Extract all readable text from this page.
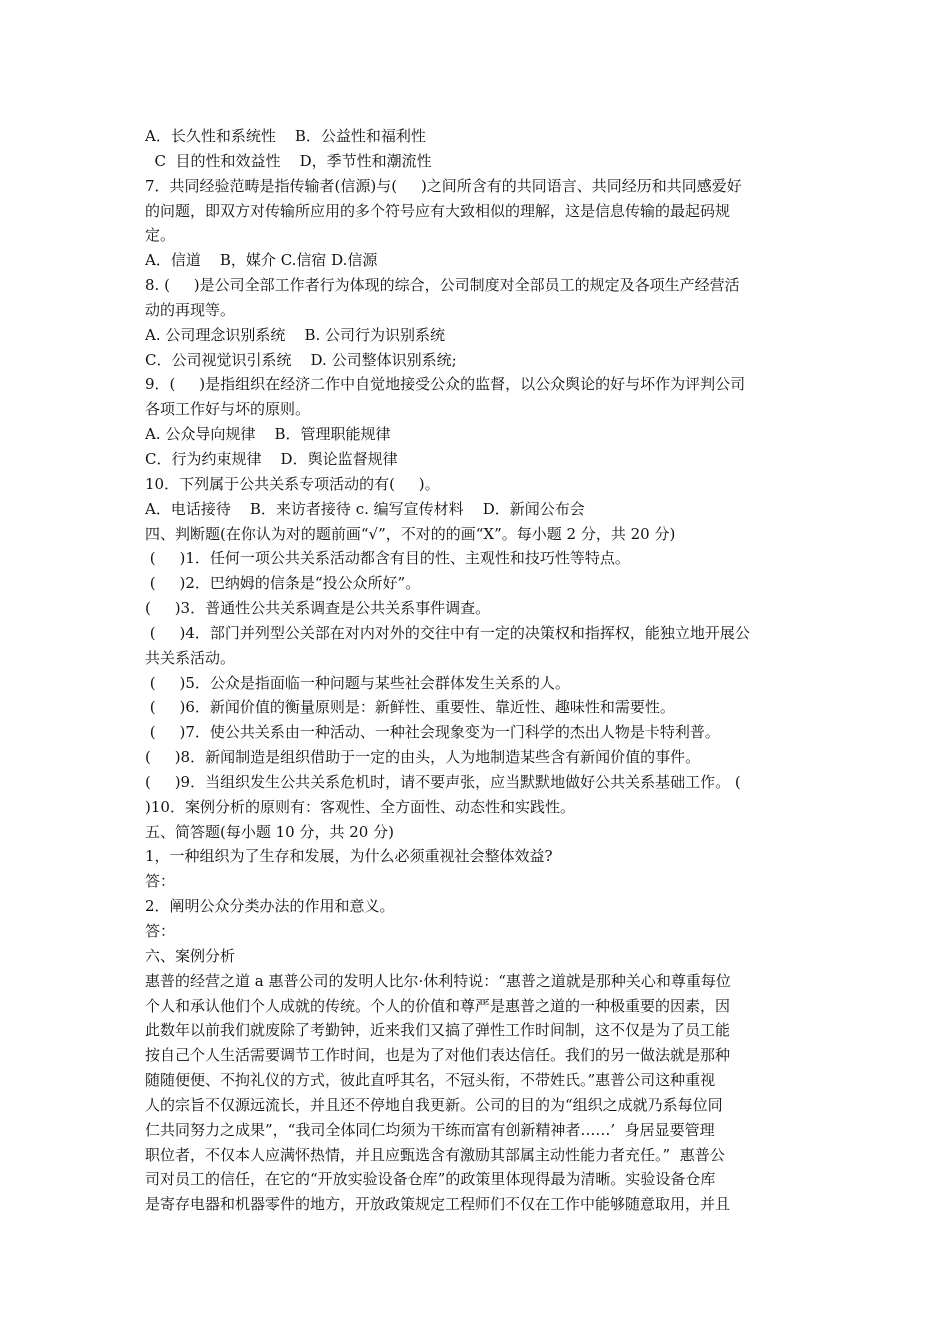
A．长久性和系统性    B．公益性和福利性
C  目的性和效益性    D，季节性和潮流性
7．共同经验范畴是指传输者(信源)与(     )之间所含有的共同语言、共同经历和共同感爱好
的问题，即双方对传输所应用的多个符号应有大致相似的理解，这是信息传输的最起码规
定。
A．信道    B，媒介 C.信宿 D.信源
8. (     )是公司全部工作者行为体现的综合，公司制度对全部员工的规定及各项生产经营活
动的再现等。
A. 公司理念识别系统    B. 公司行为识别系统
C．公司视觉识引系统    D. 公司整体识别系统;
9．(     )是指组织在经济二作中自觉地接受公众的监督，以公众舆论的好与坏作为评判公司
各项工作好与坏的原则。
A. 公众导向规律    B．管理职能规律
C．行为约束规律    D．舆论监督规律
10．下列属于公共关系专项活动的有(     )。
A．电话接待    B．来访者接待 c. 编写宣传材料    D．新闻公布会
四、判断题(在你认为对的题前画“√”，不对的的画“X”。每小题 2 分，共 20 分)
(     )1．任何一项公共关系活动都含有目的性、主观性和技巧性等特点。
(     )2．巴纳姆的信条是“投公众所好”。
(     )3．普通性公共关系调查是公共关系事件调查。
(     )4．部门并列型公关部在对内对外的交往中有一定的决策权和指挥权，能独立地开展公
共关系活动。
(     )5．公众是指面临一种问题与某些社会群体发生关系的人。
(     )6．新闻价值的衡量原则是：新鲜性、重要性、靠近性、趣味性和需要性。
(     )7．使公共关系由一种活动、一种社会现象变为一门科学的杰出人物是卡特利普。
(     )8．新闻制造是组织借助于一定的由头，人为地制造某些含有新闻价值的事件。
(     )9．当组织发生公共关系危机时，请不要声张，应当默默地做好公共关系基础工作。 (
)10．案例分析的原则有：客观性、全方面性、动态性和实践性。
五、简答题(每小题 10 分，共 20 分)
1，一种组织为了生存和发展，为什么必须重视社会整体效益?
答：
2．阐明公众分类办法的作用和意义。
答：
六、案例分析
惠普的经营之道 a 惠普公司的发明人比尔·休利特说：“惠普之道就是那种关心和尊重每位
个人和承认他们个人成就的传统。个人的价值和尊严是惠普之道的一种极重要的因素，因
此数年以前我们就废除了考勤钟，近来我们又搞了弹性工作时间制，这不仅是为了员工能
按自己个人生活需要调节工作时间，也是为了对他们表达信任。我们的另一做法就是那种
随随便便、不拘礼仪的方式，彼此直呼其名，不冠头衔，不带姓氏。”惠普公司这种重视
人的宗旨不仅源远流长，并且还不停地自我更新。公司的目的为“组织之成就乃系每位同
仁共同努力之成果”，“我司全体同仁均须为干练而富有创新精神者……’  身居显要管理
职位者，不仅本人应满怀热情，并且应甄选含有激励其部属主动性能力者充任。”  惠普公
司对员工的信任，在它的“开放实验设备仓库”的政策里体现得最为清晰。实验设备仓库
是寄存电器和机器零件的地方，开放政策规定工程师们不仅在工作中能够随意取用，并且
